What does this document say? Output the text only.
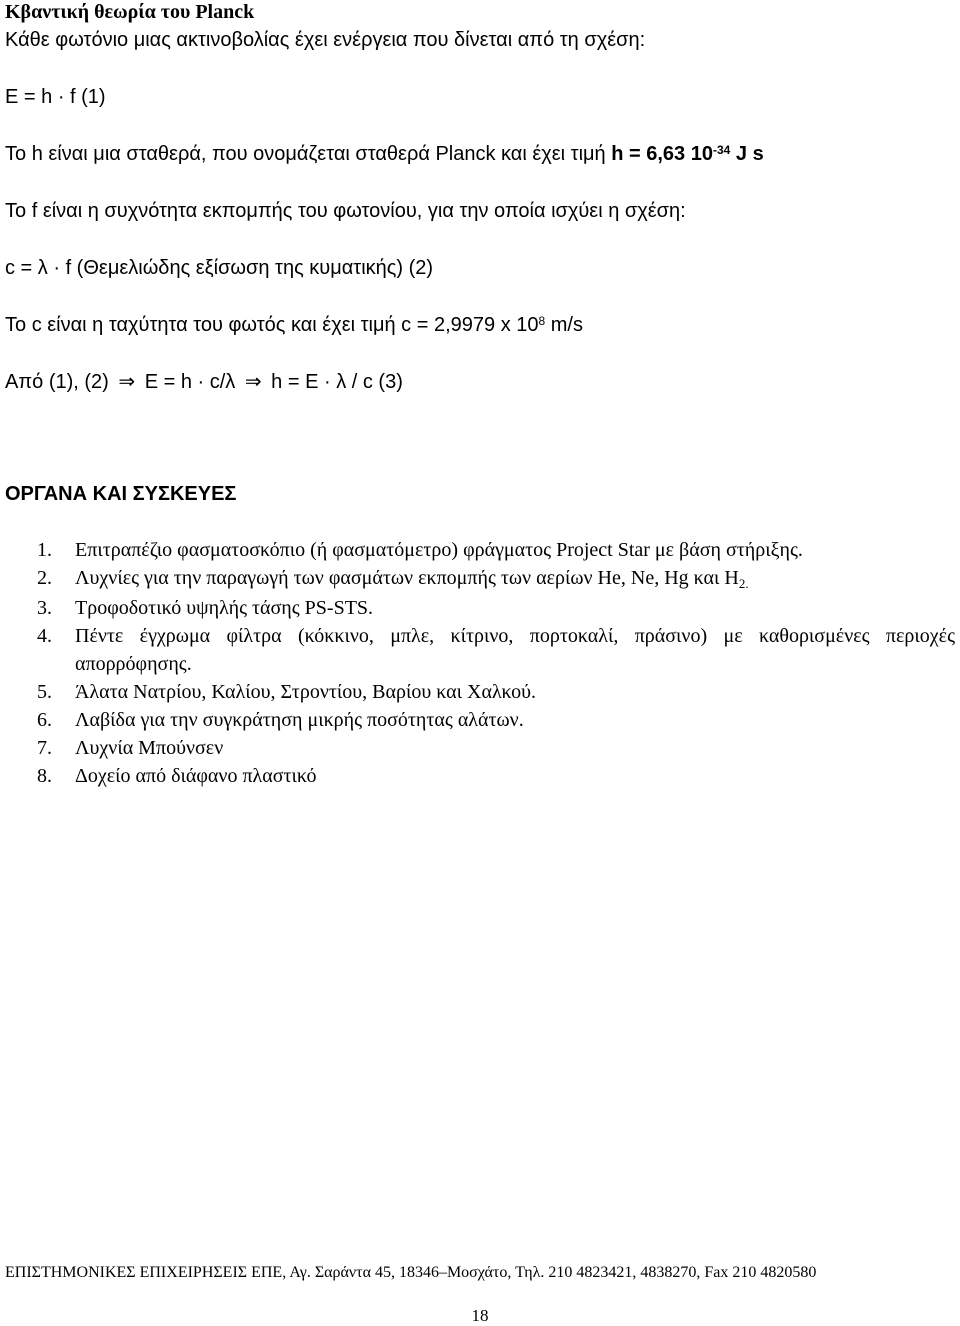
Κβαντική θεωρία του Planck
Κάθε φωτόνιο μιας ακτινοβολίας έχει ενέργεια που δίνεται από τη σχέση:
E = h · f (1)
Το h είναι μια σταθερά, που ονομάζεται σταθερά Planck και έχει τιμή h = 6,63 $10^{-34}$ J s
Το f είναι η συχνότητα εκπομπής του φωτονίου, για την οποία ισχύει η σχέση:
c = λ · f (Θεμελιώδης εξίσωση της κυματικής) (2)
Το c είναι η ταχύτητα του φωτός και έχει τιμή c = 2,9979 x $10^8$ m/s
Από (1), (2) ⇒ E = h · c/λ ⇒ h = E · λ / c (3)
ΟΡΓΑΝΑ ΚΑΙ ΣΥΣΚΕΥΕΣ
1. Επιτραπέζιο φασματοσκόπιο (ή φασματόμετρο) φράγματος Project Star με βάση στήριξης.
2. Λυχνίες για την παραγωγή των φασμάτων εκπομπής των αερίων He, Ne, Hg και $H_{2.}$
3. Τροφοδοτικό υψηλής τάσης PS-STS.
4. Πέντε έγχρωμα φίλτρα (κόκκινο, μπλε, κίτρινο, πορτοκαλί, πράσινο) με καθορισμένες περιοχές απορρόφησης.
5. Άλατα Νατρίου, Καλίου, Στροντίου, Βαρίου και Χαλκού.
6. Λαβίδα για την συγκράτηση μικρής ποσότητας αλάτων.
7. Λυχνία Μπούνσεν
8. Δοχείο από διάφανο πλαστικό
ΕΠΙΣΤΗΜΟΝΙΚΕΣ ΕΠΙΧΕΙΡΗΣΕΙΣ ΕΠΕ, Αγ. Σαράντα 45, 18346–Μοσχάτο, Τηλ. 210 4823421, 4838270, Fax 210 4820580
18
